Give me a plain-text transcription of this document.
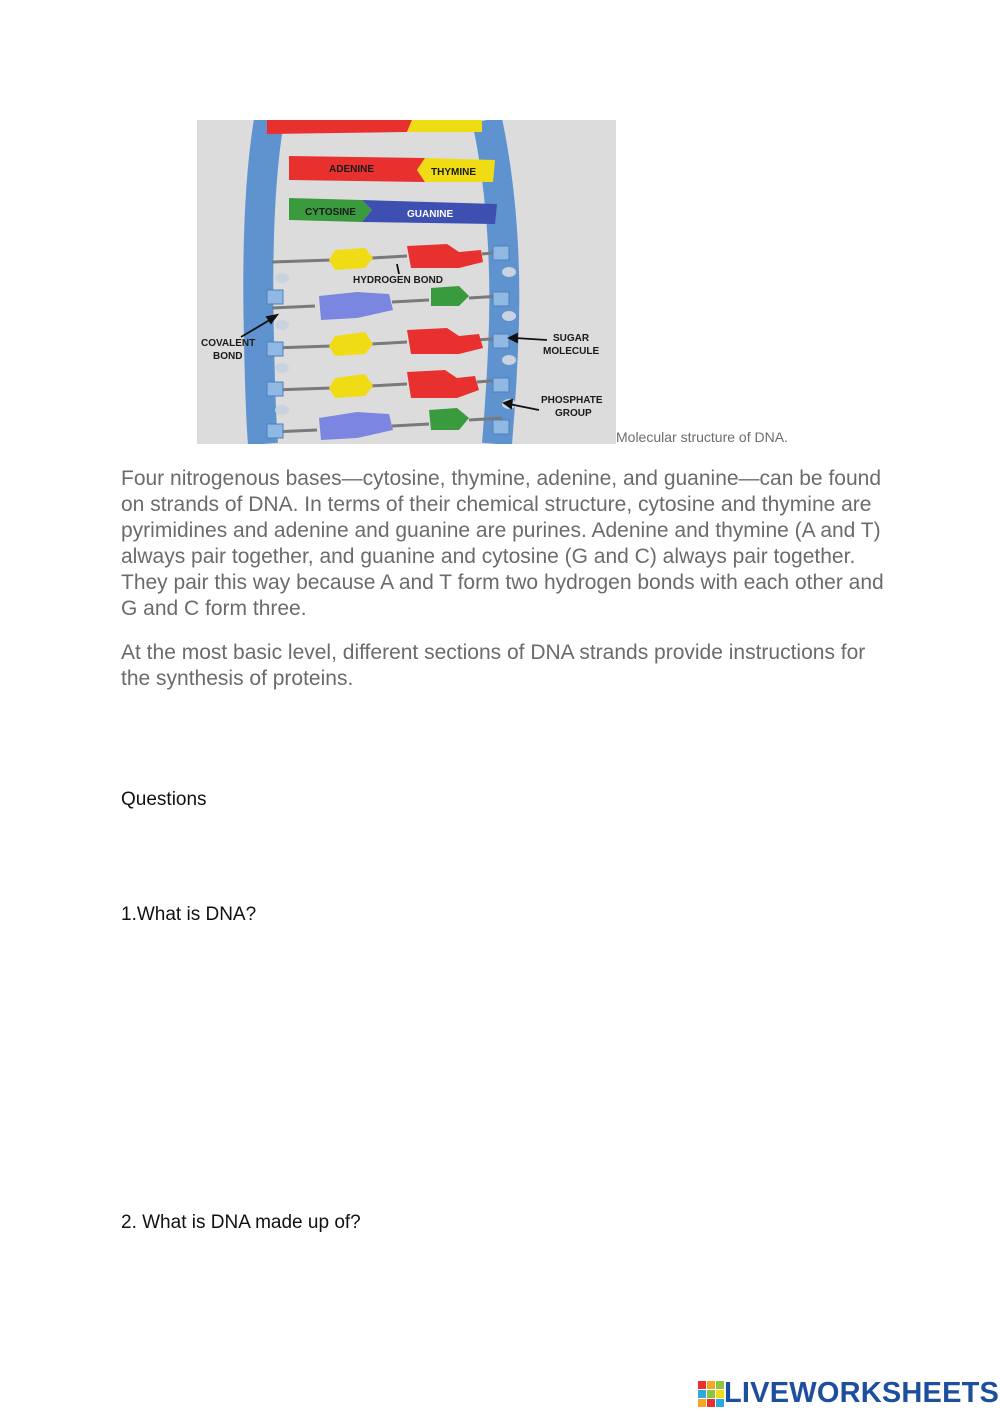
ADENINE	THYMINE
CYTOSINE	GUANINE
HYDROGEN BOND
COVALENT
BOND
SUGAR
MOLECULE
PHOSPHATE
GROUP
Molecular structure of DNA.

Four nitrogenous bases—cytosine, thymine, adenine, and guanine—can be found on strands of DNA. In terms of their chemical structure, cytosine and thymine are pyrimidines and adenine and guanine are purines. Adenine and thymine (A and T) always pair together, and guanine and cytosine (G and C) always pair together. They pair this way because A and T form two hydrogen bonds with each other and G and C form three.

At the most basic level, different sections of DNA strands provide instructions for the synthesis of proteins.

Questions

1.What is DNA?

2. What is DNA made up of?

LIVEWORKSHEETS
